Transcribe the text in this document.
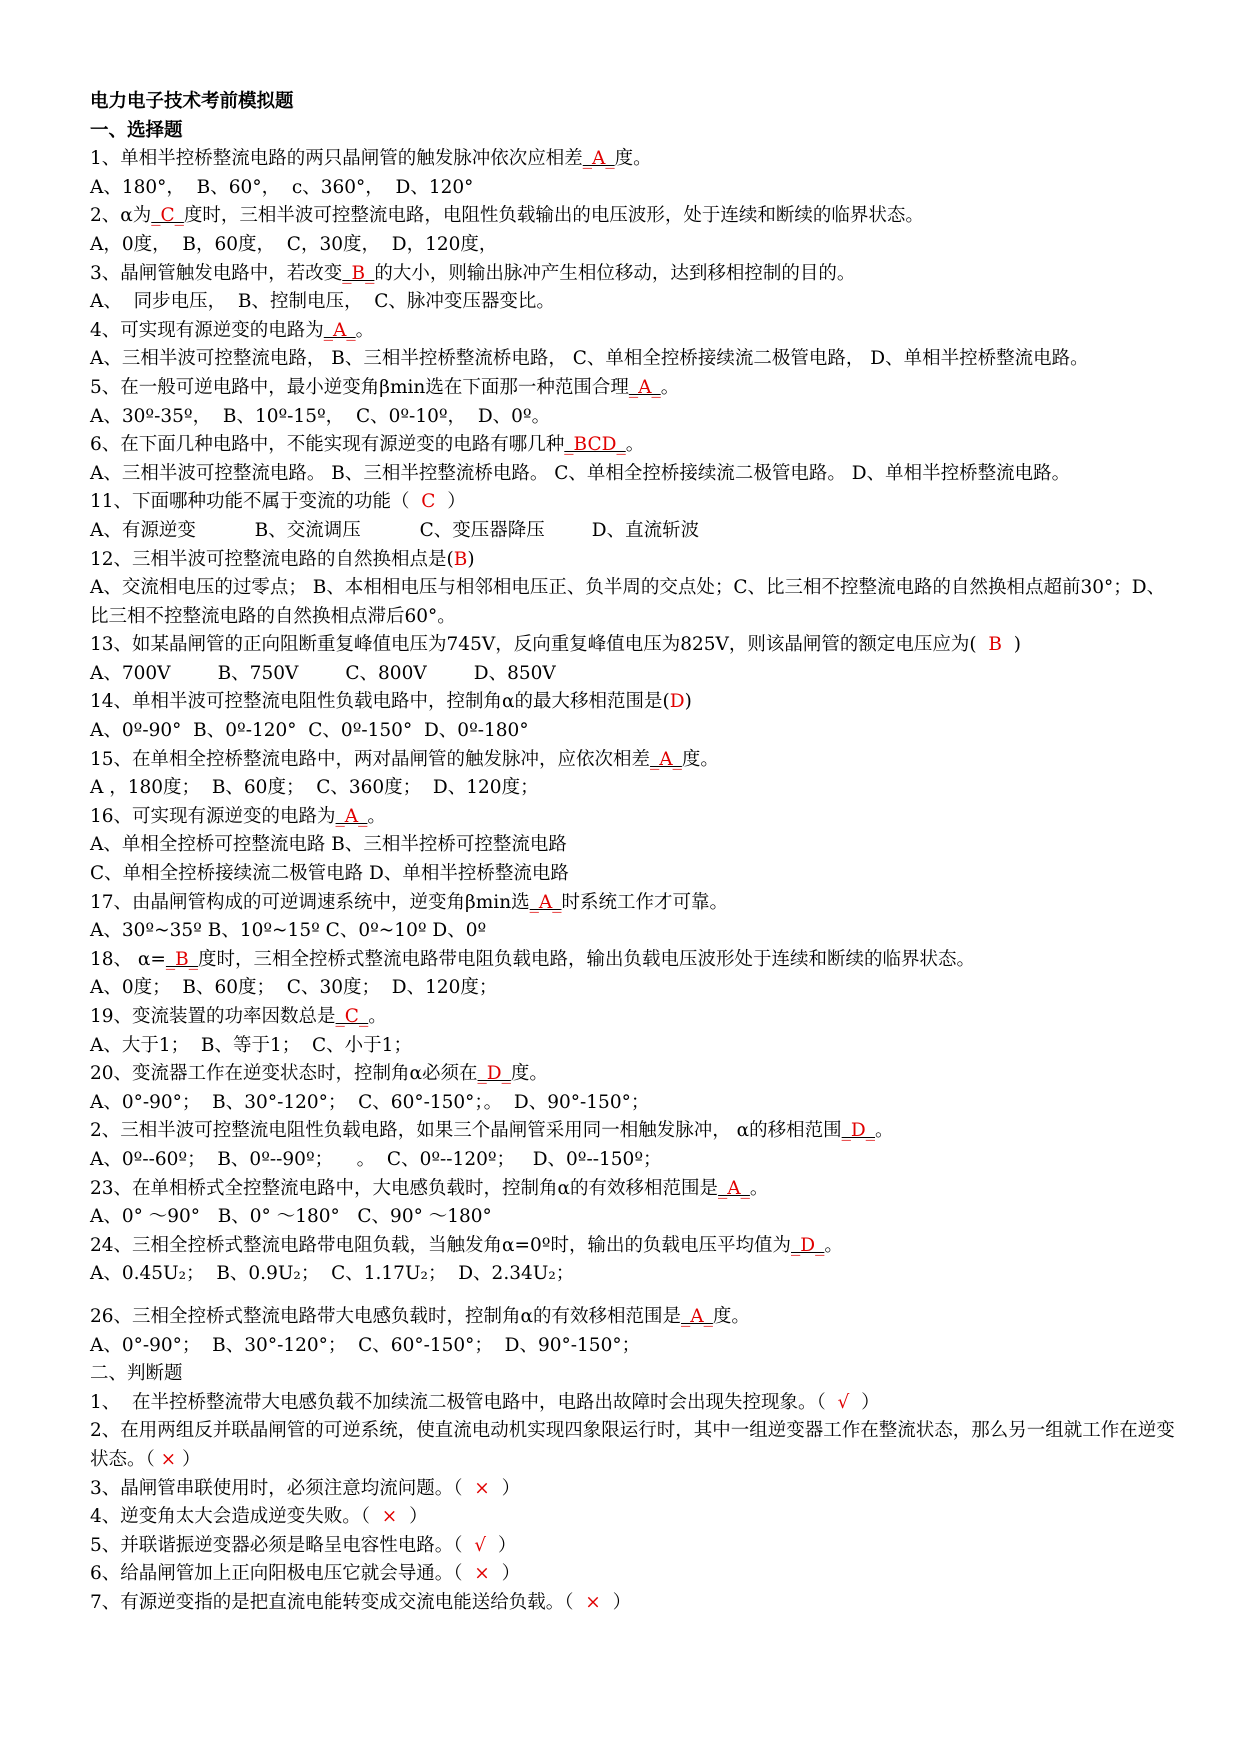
电力电子技术考前模拟题
一、选择题
1、单相半控桥整流电路的两只晶闸管的触发脉冲依次应相差_A_度。
A、180°，  B、60°，  c、360°，  D、120°
2、α为_C_度时，三相半波可控整流电路，电阻性负载输出的电压波形，处于连续和断续的临界状态。
A，0度，  B，60度，  C，30度，  D，120度，
3、晶闸管触发电路中，若改变_B_的大小，则输出脉冲产生相位移动，达到移相控制的目的。
A、  同步电压，  B、控制电压，  C、脉冲变压器变比。
4、可实现有源逆变的电路为_A_。
A、三相半波可控整流电路， B、三相半控桥整流桥电路， C、单相全控桥接续流二极管电路， D、单相半控桥整流电路。
5、在一般可逆电路中，最小逆变角βmin选在下面那一种范围合理_A_。
A、30º-35º，  B、10º-15º，  C、0º-10º，  D、0º。
6、在下面几种电路中，不能实现有源逆变的电路有哪几种_BCD_。
A、三相半波可控整流电路。 B、三相半控整流桥电路。 C、单相全控桥接续流二极管电路。 D、单相半控桥整流电路。
11、下面哪种功能不属于变流的功能（  C  ）
A、有源逆变          B、交流调压          C、变压器降压        D、直流斩波
12、三相半波可控整流电路的自然换相点是(B)
A、交流相电压的过零点； B、本相相电压与相邻相电压正、负半周的交点处；C、比三相不控整流电路的自然换相点超前30°；D、比三相不控整流电路的自然换相点滞后60°。
13、如某晶闸管的正向阻断重复峰值电压为745V，反向重复峰值电压为825V，则该晶闸管的额定电压应为(  B  )
A、700V        B、750V        C、800V        D、850V
14、单相半波可控整流电阻性负载电路中，控制角α的最大移相范围是(D)
A、0º-90°  B、0º-120°  C、0º-150°  D、0º-180°
15、在单相全控桥整流电路中，两对晶闸管的触发脉冲，应依次相差_A_度。
A ，180度；  B、60度；  C、360度；  D、120度；
16、可实现有源逆变的电路为_A_。
A、单相全控桥可控整流电路 B、三相半控桥可控整流电路
C、单相全控桥接续流二极管电路 D、单相半控桥整流电路
17、由晶闸管构成的可逆调速系统中，逆变角βmin选_A_时系统工作才可靠。
A、30º~35º B、10º~15º C、0º~10º D、0º
18、 α=_B_度时，三相全控桥式整流电路带电阻负载电路，输出负载电压波形处于连续和断续的临界状态。
A、0度；  B、60度；  C、30度；  D、120度；
19、变流装置的功率因数总是_C_。
A、大于1；  B、等于1；  C、小于1；
20、变流器工作在逆变状态时，控制角α必须在_D_度。
A、0°-90°；  B、30°-120°；  C、60°-150°；。  D、90°-150°；
2、三相半波可控整流电阻性负载电路，如果三个晶闸管采用同一相触发脉冲， α的移相范围_D_。
A、0º--60º；  B、0º--90º；    。  C、0º--120º；   D、0º--150º；
23、在单相桥式全控整流电路中，大电感负载时，控制角α的有效移相范围是_A_。
A、0° ～90°   B、0° ～180°   C、90° ～180°
24、三相全控桥式整流电路带电阻负载，当触发角α=0º时，输出的负载电压平均值为_D_。
A、0.45U₂；  B、0.9U₂；  C、1.17U₂；  D、2.34U₂；
26、三相全控桥式整流电路带大电感负载时，控制角α的有效移相范围是_A_度。
A、0°-90°；  B、30°-120°；  C、60°-150°；  D、90°-150°；
二、判断题
1、  在半控桥整流带大电感负载不加续流二极管电路中，电路出故障时会出现失控现象。（  √  ）
2、在用两组反并联晶闸管的可逆系统，使直流电动机实现四象限运行时，其中一组逆变器工作在整流状态，那么另一组就工作在逆变状态。（ × ）
3、晶闸管串联使用时，必须注意均流问题。（  ×  ）
4、逆变角太大会造成逆变失败。（  ×  ）
5、并联谐振逆变器必须是略呈电容性电路。（  √  ）
6、给晶闸管加上正向阳极电压它就会导通。（  ×  ）
7、有源逆变指的是把直流电能转变成交流电能送给负载。（  ×  ）
